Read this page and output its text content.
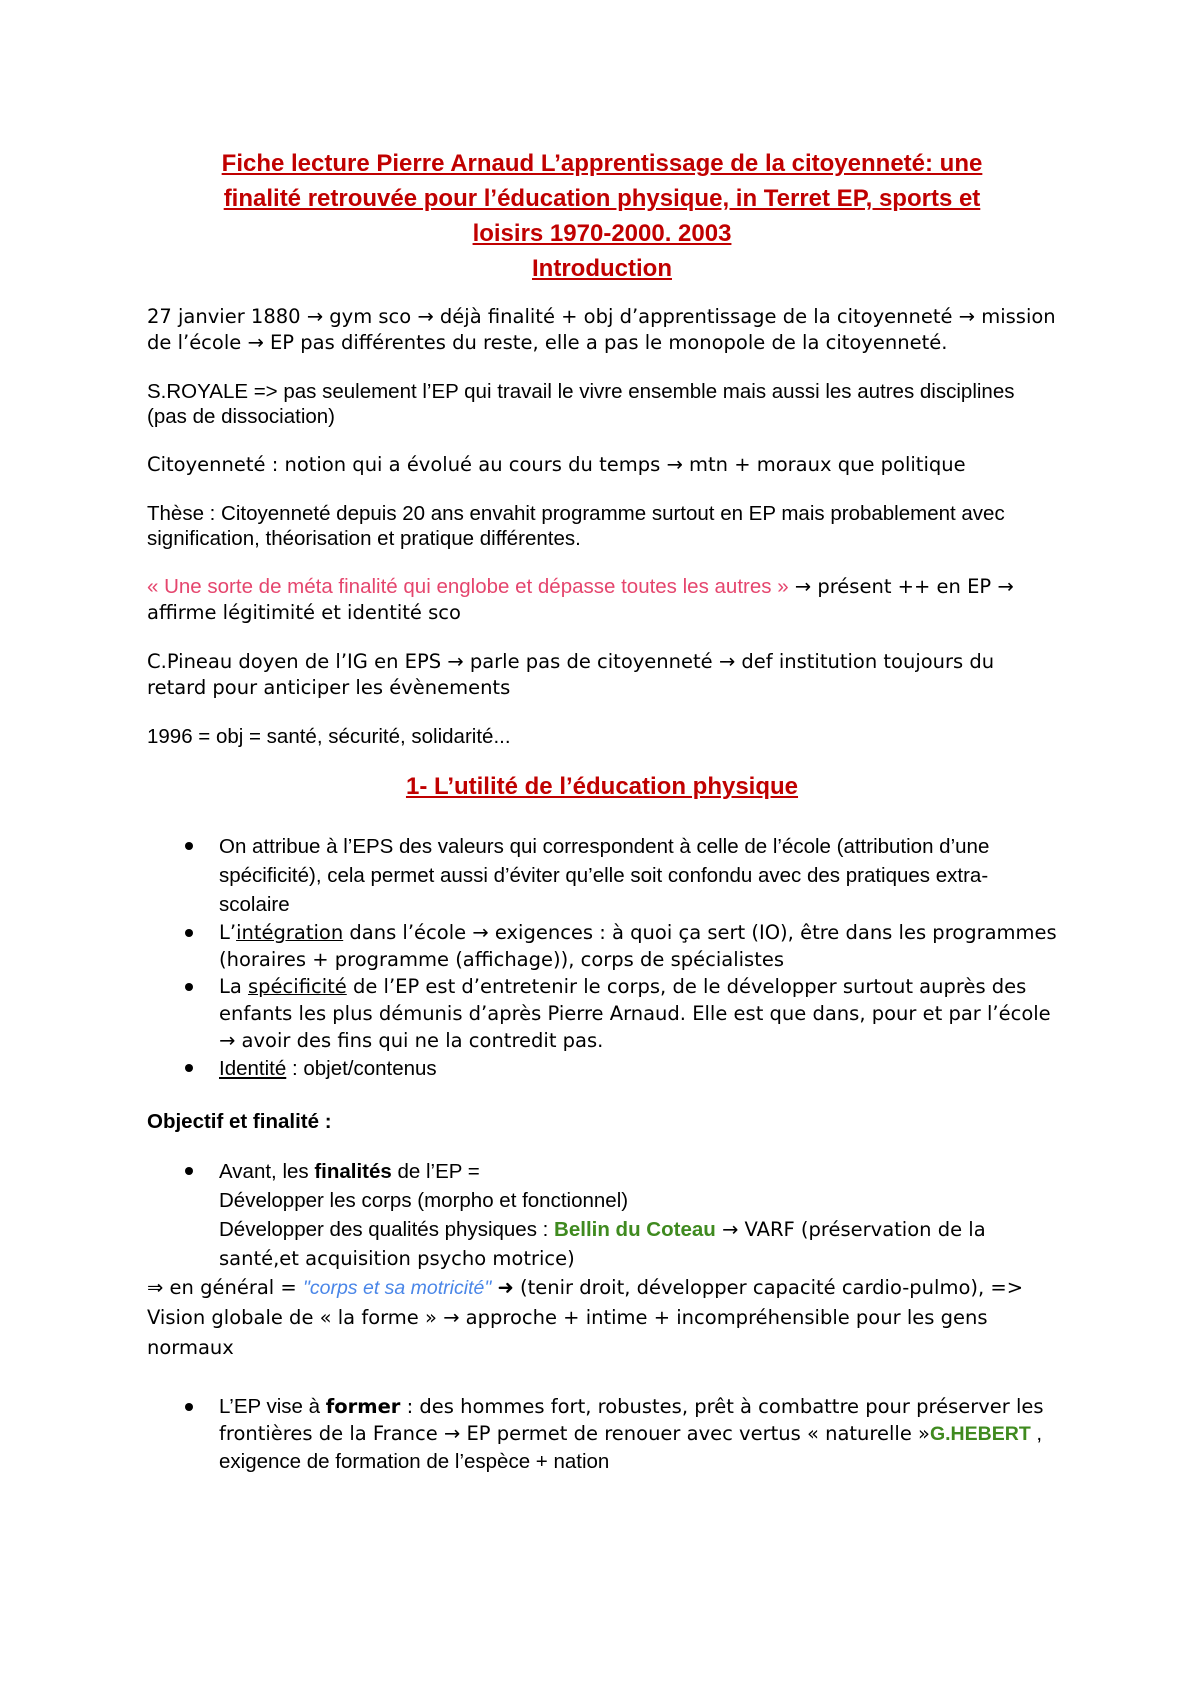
Fiche lecture Pierre Arnaud L’apprentissage de la citoyenneté: une
finalité retrouvée pour l’éducation physique, in Terret EP, sports et
loisirs 1970-2000. 2003
Introduction

27 janvier 1880 → gym sco → déjà finalité + obj d’apprentissage de la citoyenneté → mission de l’école → EP pas différentes du reste, elle a pas le monopole de la citoyenneté.

S.ROYALE => pas seulement l’EP qui travail le vivre ensemble mais aussi les autres disciplines (pas de dissociation)

Citoyenneté : notion qui a évolué au cours du temps → mtn + moraux que politique

Thèse : Citoyenneté depuis 20 ans envahit programme surtout en EP mais probablement avec signification, théorisation et pratique différentes.

« Une sorte de méta finalité qui englobe et dépasse toutes les autres » → présent ++ en EP → affirme légitimité et identité sco

C.Pineau doyen de l’IG en EPS → parle pas de citoyenneté → def institution toujours du retard pour anticiper les évènements

1996 = obj = santé, sécurité, solidarité...

1- L’utilité de l’éducation physique
On attribue à l’EPS des valeurs qui correspondent à celle de l’école (attribution d’une spécificité), cela permet aussi d’éviter qu’elle soit confondu avec des pratiques extra-scolaire
L’intégration dans l’école → exigences : à quoi ça sert (IO), être dans les programmes (horaires + programme (affichage)), corps de spécialistes
La spécificité de l’EP est d’entretenir le corps, de le développer surtout auprès des enfants les plus démunis d’après Pierre Arnaud. Elle est que dans, pour et par l’école → avoir des fins qui ne la contredit pas.
Identité : objet/contenus
Objectif et finalité :
Avant, les finalités de l’EP =
Développer les corps (morpho et fonctionnel)
Développer des qualités physiques : Bellin du Coteau → VARF (préservation de la santé,et acquisition psycho motrice)

⇒ en général = "corps et sa motricité" ➜ (tenir droit, développer capacité cardio-pulmo), => Vision globale de « la forme » → approche + intime + incompréhensible pour les gens normaux

L’EP vise à former : des hommes fort, robustes, prêt à combattre pour préserver les frontières de la France → EP permet de renouer avec vertus « naturelle »G.HEBERT , exigence de formation de l’espèce + nation
